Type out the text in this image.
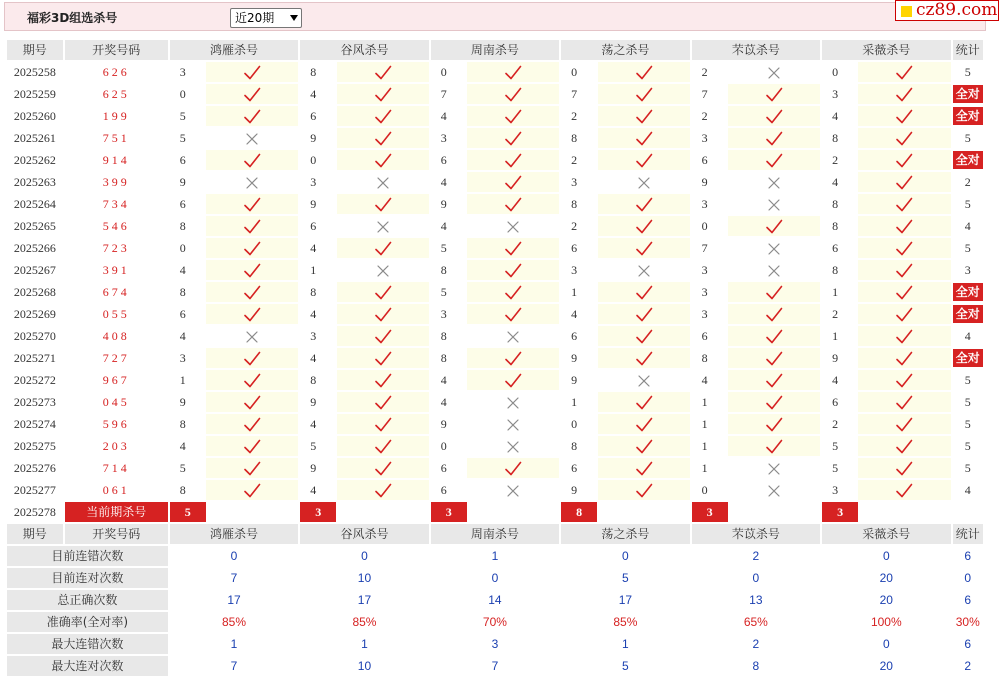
福彩3D组选杀号	近20期	cz89.com
期号	开奖号码	鸿雁杀号		谷风杀号		周南杀号		荡之杀号		芣苡杀号		采薇杀号		统计
2025258	626	3		8		0		0		2		0		5
2025259	625	0		4		7		7		7		3		全对
2025260	199	5		6		4		2		2		4		全对
2025261	751	5		9		3		8		3		8		5
2025262	914	6		0		6		2		6		2		全对
2025263	399	9		3		4		3		9		4		2
2025264	734	6		9		9		8		3		8		5
2025265	546	8		6		4		2		0		8		4
2025266	723	0		4		5		6		7		6		5
2025267	391	4		1		8		3		3		8		3
2025268	674	8		8		5		1		3		1		全对
2025269	055	6		4		3		4		3		2		全对
2025270	408	4		3		8		6		6		1		4
2025271	727	3		4		8		9		8		9		全对
2025272	967	1		8		4		9		4		4		5
2025273	045	9		9		4		1		1		6		5
2025274	596	8		4		9		0		1		2		5
2025275	203	4		5		0		8		1		5		5
2025276	714	5		9		6		6		1		5		5
2025277	061	8		4		6		9		0		3		4
2025278	当前期杀号	5		3		3		8		3		3		
期号	开奖号码	鸿雁杀号		谷风杀号		周南杀号		荡之杀号		芣苡杀号		采薇杀号		统计
目前连错次数		0		0		1		0		2		0		6
目前连对次数		7		10		0		5		0		20		0
总正确次数		17		17		14		17		13		20		6
准确率(全对率)		85%		85%		70%		85%		65%		100%		30%
最大连错次数		1		1		3		1		2		0		6
最大连对次数		7		10		7		5		8		20		2
